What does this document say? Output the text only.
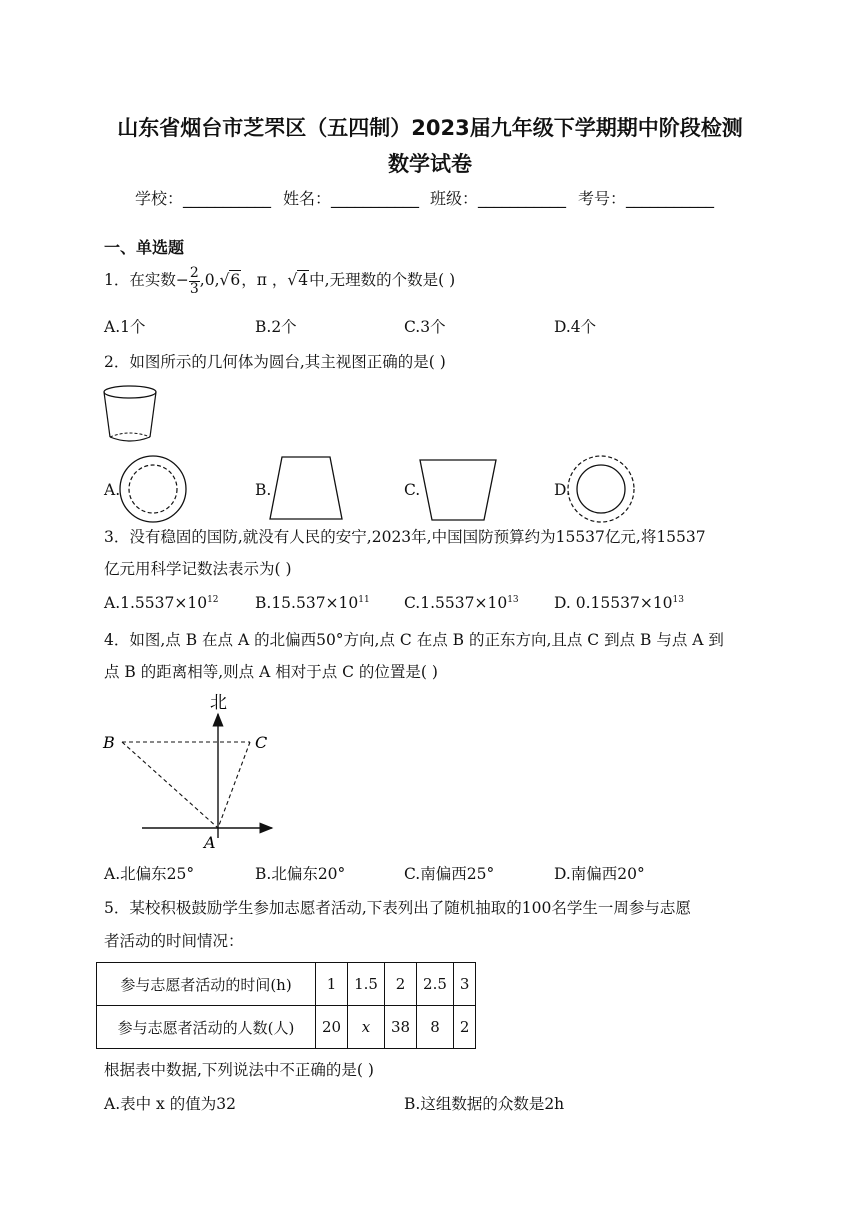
山东省烟台市芝罘区（五四制）2023届九年级下学期期中阶段检测
数学试卷
学校：___________ 姓名：___________ 班级：___________ 考号：___________
一、单选题
1．在实数− $\frac{2}{3} ,0,√6$，π ，√4中,无理数的个数是( )
A.1个	B.2个	C.3个	D.4个
2．如图所示的几何体为圆台,其主视图正确的是( )
A.	B.	C.	D.
3．没有稳固的国防,就没有人民的安宁,2023年,中国国防预算约为15537亿元,将15537
亿元用科学记数法表示为( )
$A.1.5537\times 10^{12}$ $B.15.537\times 10^{11}$ $C.1.5537\times 10^{13}$ D. $0.15537\times 10^{13}$
4．如图,点 B 在点 A 的北偏西50°方向,点 C 在点 B 的正东方向,且点 C 到点 B 与点 A 到
点 B 的距离相等,则点 A 相对于点 C 的位置是( )
北
B	C
A
A.北偏东25°	B.北偏东20°	C.南偏西25°	D.南偏西20°
5．某校积极鼓励学生参加志愿者活动,下表列出了随机抽取的100名学生一周参与志愿
者活动的时间情况：
参与志愿者活动的时间(h)	1	1.5	2	2.5	3
参与志愿者活动的人数(人)	20	x	38	8	2
根据表中数据,下列说法中不正确的是( )
A.表中 x 的值为32	B.这组数据的众数是2h
